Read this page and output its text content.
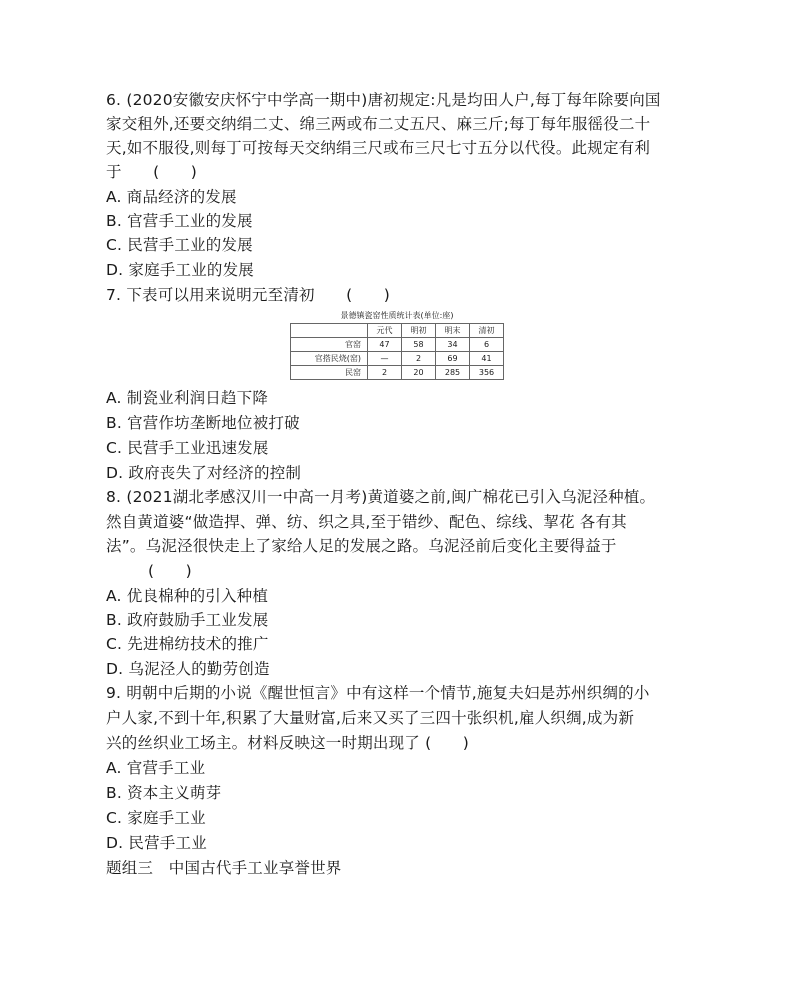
6. (2020安徽安庆怀宁中学高一期中)唐初规定:凡是均田人户,每丁每年除要向国
家交租外,还要交纳绢二丈、绵三两或布二丈五尺、麻三斤;每丁每年服徭役二十
天,如不服役,则每丁可按每天交纳绢三尺或布三尺七寸五分以代役。此规定有利
于　　(　　)
A. 商品经济的发展
B. 官营手工业的发展
C. 民营手工业的发展
D. 家庭手工业的发展
7. 下表可以用来说明元至清初　　(　　)
景德镇瓷窑性质统计表(单位:座)
	元代	明初	明末	清初
官窑	47	58	34	6
官搭民烧(窑)	—	2	69	41
民窑	2	20	285	356
A. 制瓷业利润日趋下降
B. 官营作坊垄断地位被打破
C. 民营手工业迅速发展
D. 政府丧失了对经济的控制
8. (2021湖北孝感汉川一中高一月考)黄道婆之前,闽广棉花已引入乌泥泾种植。
然自黄道婆“做造捍、弹、纺、织之具,至于错纱、配色、综线、挈花 各有其
法”。乌泥泾很快走上了家给人足的发展之路。乌泥泾前后变化主要得益于
(　　)
A. 优良棉种的引入种植
B. 政府鼓励手工业发展
C. 先进棉纺技术的推广
D. 乌泥泾人的勤劳创造
9. 明朝中后期的小说《醒世恒言》中有这样一个情节,施复夫妇是苏州织绸的小
户人家,不到十年,积累了大量财富,后来又买了三四十张织机,雇人织绸,成为新
兴的丝织业工场主。材料反映这一时期出现了 (　　)
A. 官营手工业
B. 资本主义萌芽
C. 家庭手工业
D. 民营手工业
题组三　中国古代手工业享誉世界
